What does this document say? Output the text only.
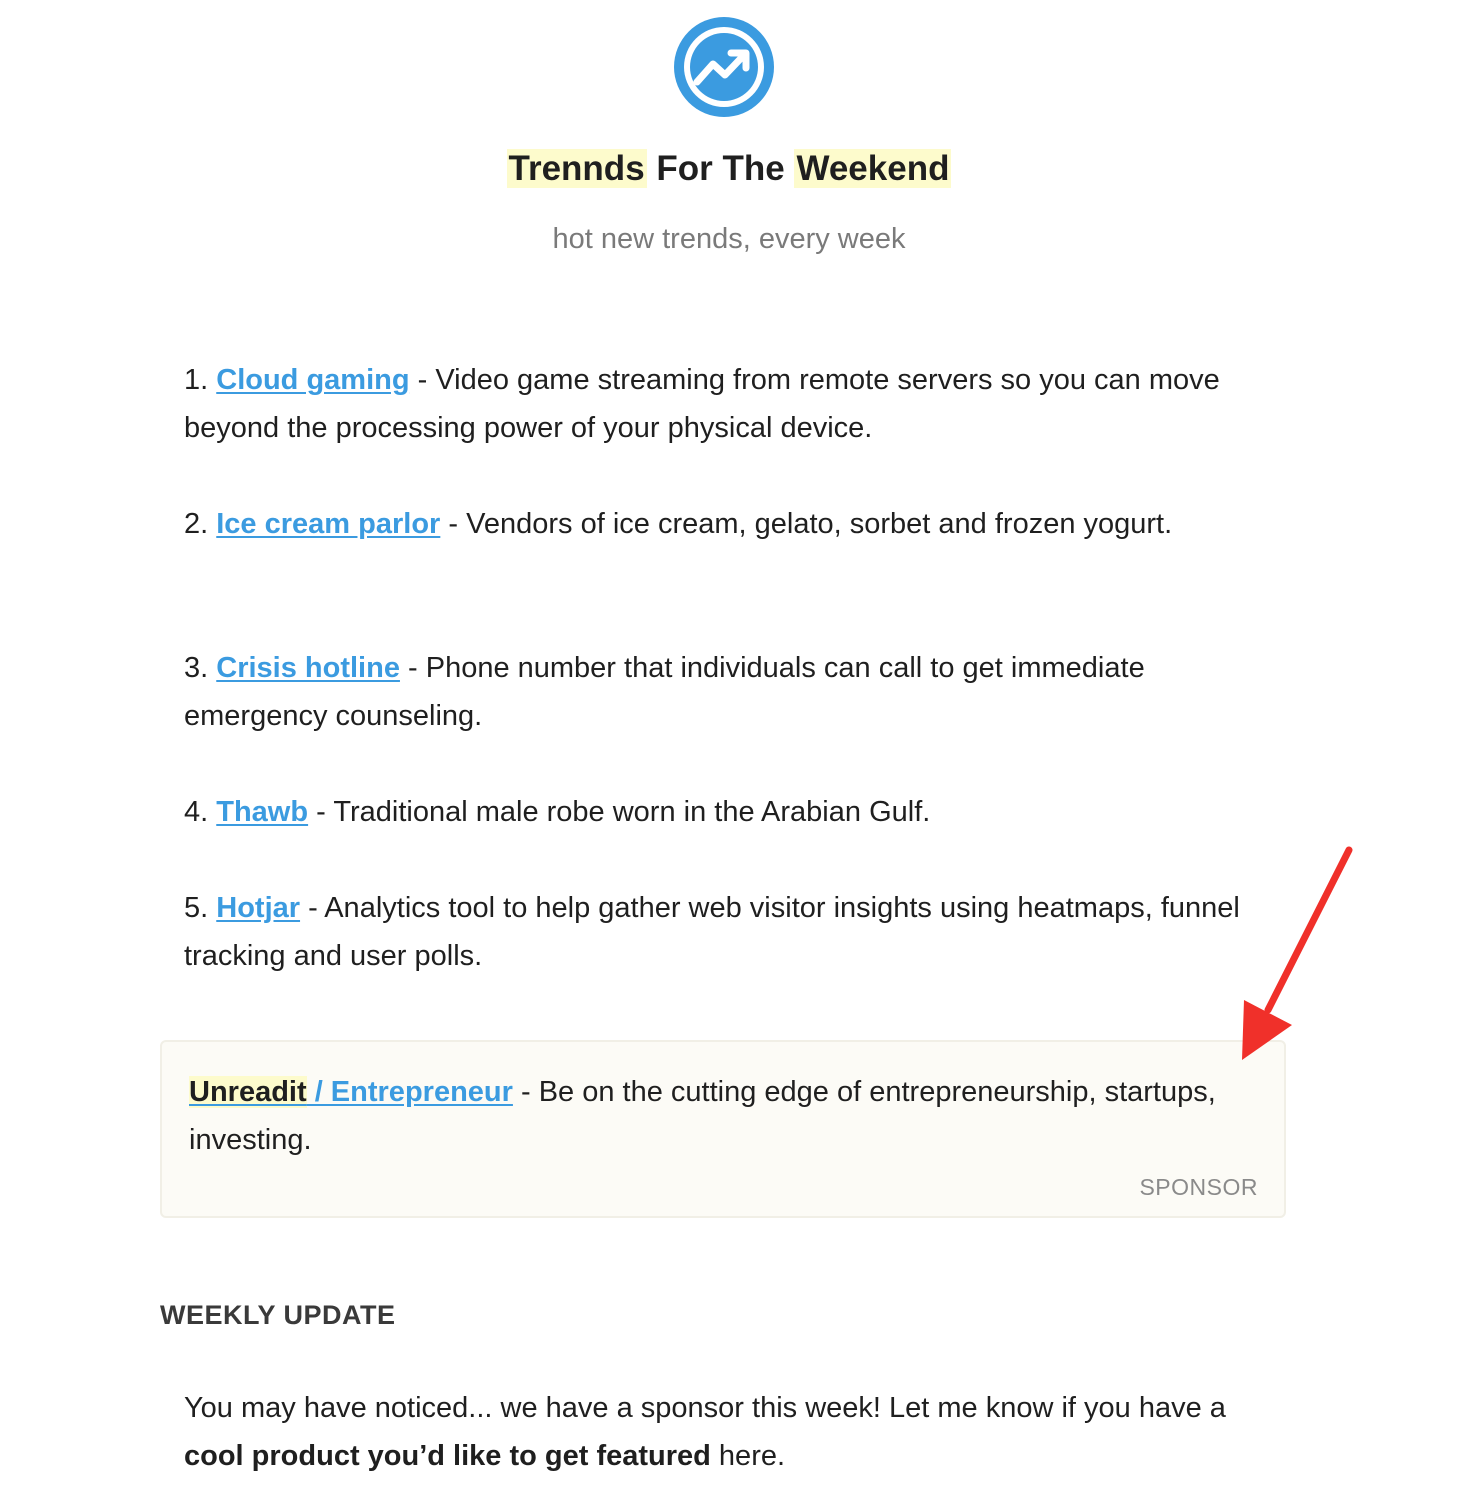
Trennds For The Weekend
hot new trends, every week
1. Cloud gaming - Video game streaming from remote servers so you can move beyond the processing power of your physical device.
2. Ice cream parlor - Vendors of ice cream, gelato, sorbet and frozen yogurt.
3. Crisis hotline - Phone number that individuals can call to get immediate emergency counseling.
4. Thawb - Traditional male robe worn in the Arabian Gulf.
5. Hotjar - Analytics tool to help gather web visitor insights using heatmaps, funnel tracking and user polls.
Unreadit / Entrepreneur - Be on the cutting edge of entrepreneurship, startups, investing.
SPONSOR
WEEKLY UPDATE
You may have noticed... we have a sponsor this week! Let me know if you have a cool product you’d like to get featured here.
